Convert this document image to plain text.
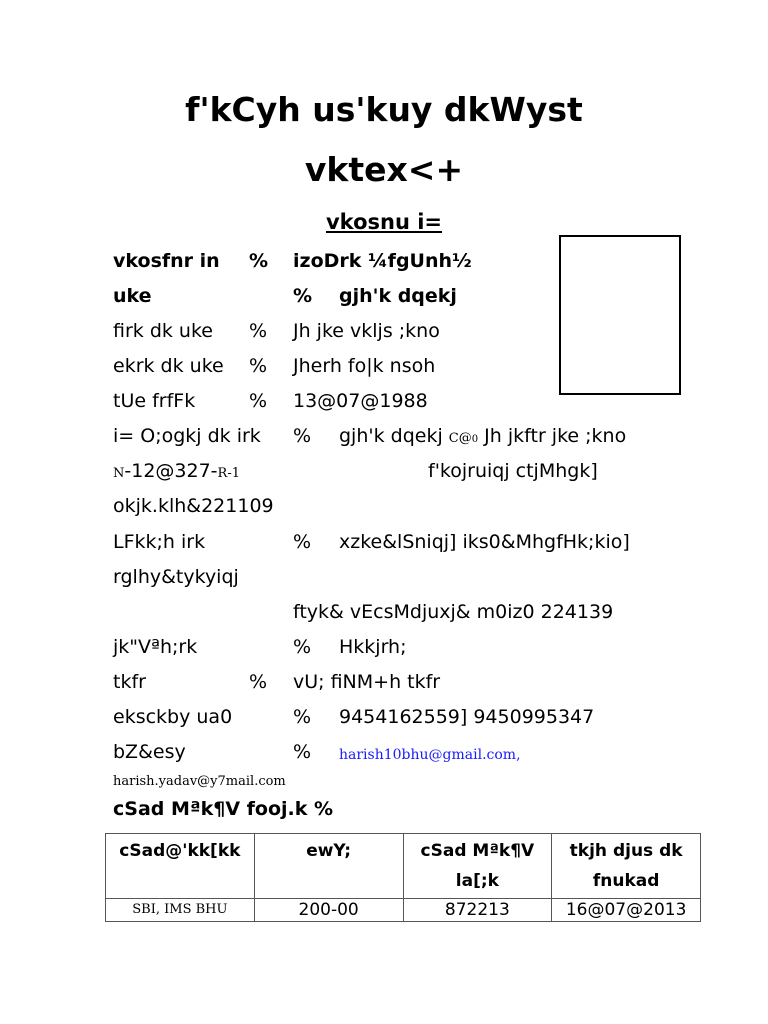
f'kCyh us'kuy dkWyst
vktex<+
vkosnu i=
vkosfnr in % izoDrk ¼fgUnh½
uke	% gjh'k dqekj
firk dk uke % Jh jke vkljs ;kno
ekrk dk uke % Jherh fo|k nsoh
tUe frfFk	% 13@07@1988
i= O;ogkj dk irk % gjh'k dqekj C@0 Jh jkftr jke ;kno
N-12@327-R-1	f'kojruiqj ctjMhgk]
okjk.klh&221109
LFkk;h irk	% xzke&lSniqj] iks0&MhgfHk;kio]
rglhy&tykyiqj
ftyk& vEcsMdjuxj& m0iz0 224139
jk"Vªh;rk	% Hkkjrh;
tkfr	% vU; fiNM+h tkfr
eksckby ua0	% 9454162559] 9450995347
bZ&esy	% harish10bhu@gmail.com,
harish.yadav@y7mail.com
cSad Mªk¶V fooj.k %
cSad@'kk[kk	ewY;	cSad Mªk¶V la[;k	tkjh djus dk fnukad
SBI, IMS BHU	200-00	872213	16@07@2013
